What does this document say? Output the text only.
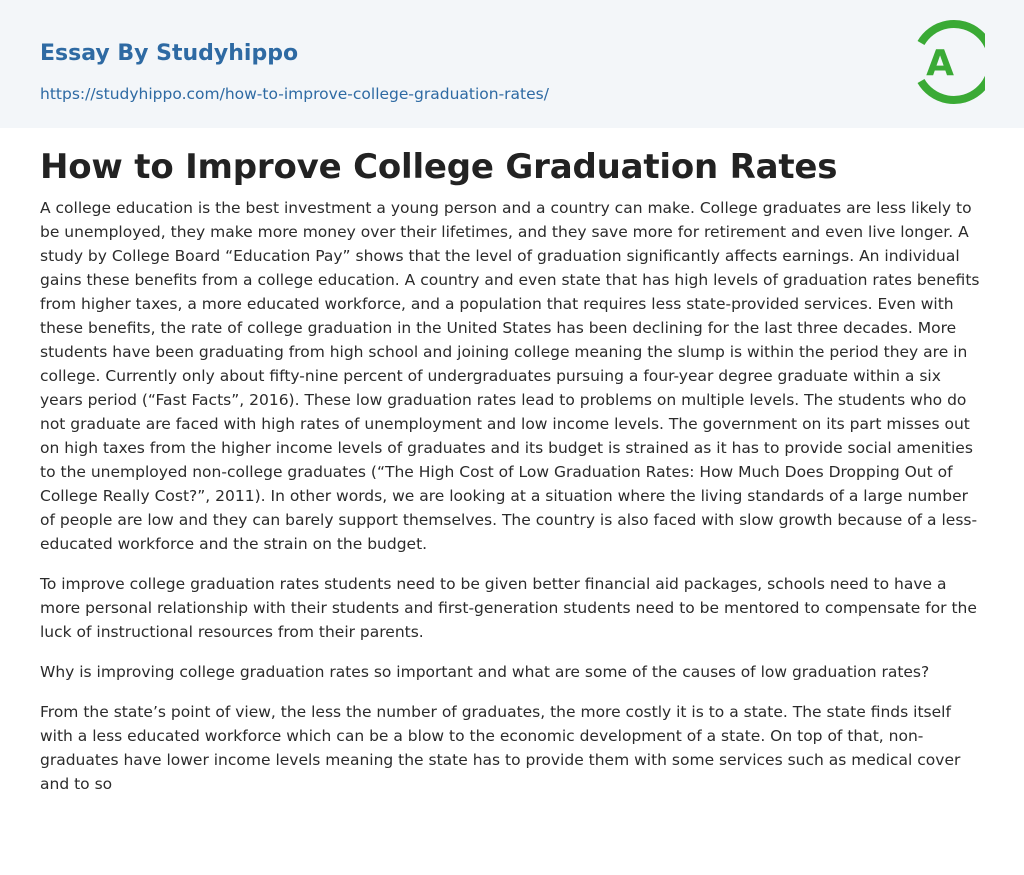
Essay By Studyhippo
https://studyhippo.com/how-to-improve-college-graduation-rates/
A
How to Improve College Graduation Rates

A college education is the best investment a young person and a country can make. College graduates are less likely to be unemployed, they make more money over their lifetimes, and they save more for retirement and even live longer. A study by College Board “Education Pay” shows that the level of graduation significantly affects earnings. An individual gains these benefits from a college education. A country and even state that has high levels of graduation rates benefits from higher taxes, a more educated workforce, and a population that requires less state-provided services. Even with these benefits, the rate of college graduation in the United States has been declining for the last three decades. More students have been graduating from high school and joining college meaning the slump is within the period they are in college. Currently only about fifty-nine percent of undergraduates pursuing a four-year degree graduate within a six years period (“Fast Facts”, 2016). These low graduation rates lead to problems on multiple levels. The students who do not graduate are faced with high rates of unemployment and low income levels. The government on its part misses out on high taxes from the higher income levels of graduates and its budget is strained as it has to provide social amenities to the unemployed non-college graduates (“The High Cost of Low Graduation Rates: How Much Does Dropping Out of College Really Cost?”, 2011). In other words, we are looking at a situation where the living standards of a large number of people are low and they can barely support themselves. The country is also faced with slow growth because of a less-educated workforce and the strain on the budget.

To improve college graduation rates students need to be given better financial aid packages, schools need to have a more personal relationship with their students and first-generation students need to be mentored to compensate for the luck of instructional resources from their parents.

Why is improving college graduation rates so important and what are some of the causes of low graduation rates?

From the state’s point of view, the less the number of graduates, the more costly it is to a state. The state finds itself with a less educated workforce which can be a blow to the economic development of a state. On top of that, non-graduates have lower income levels meaning the state has to provide them with some services such as medical cover and to so
